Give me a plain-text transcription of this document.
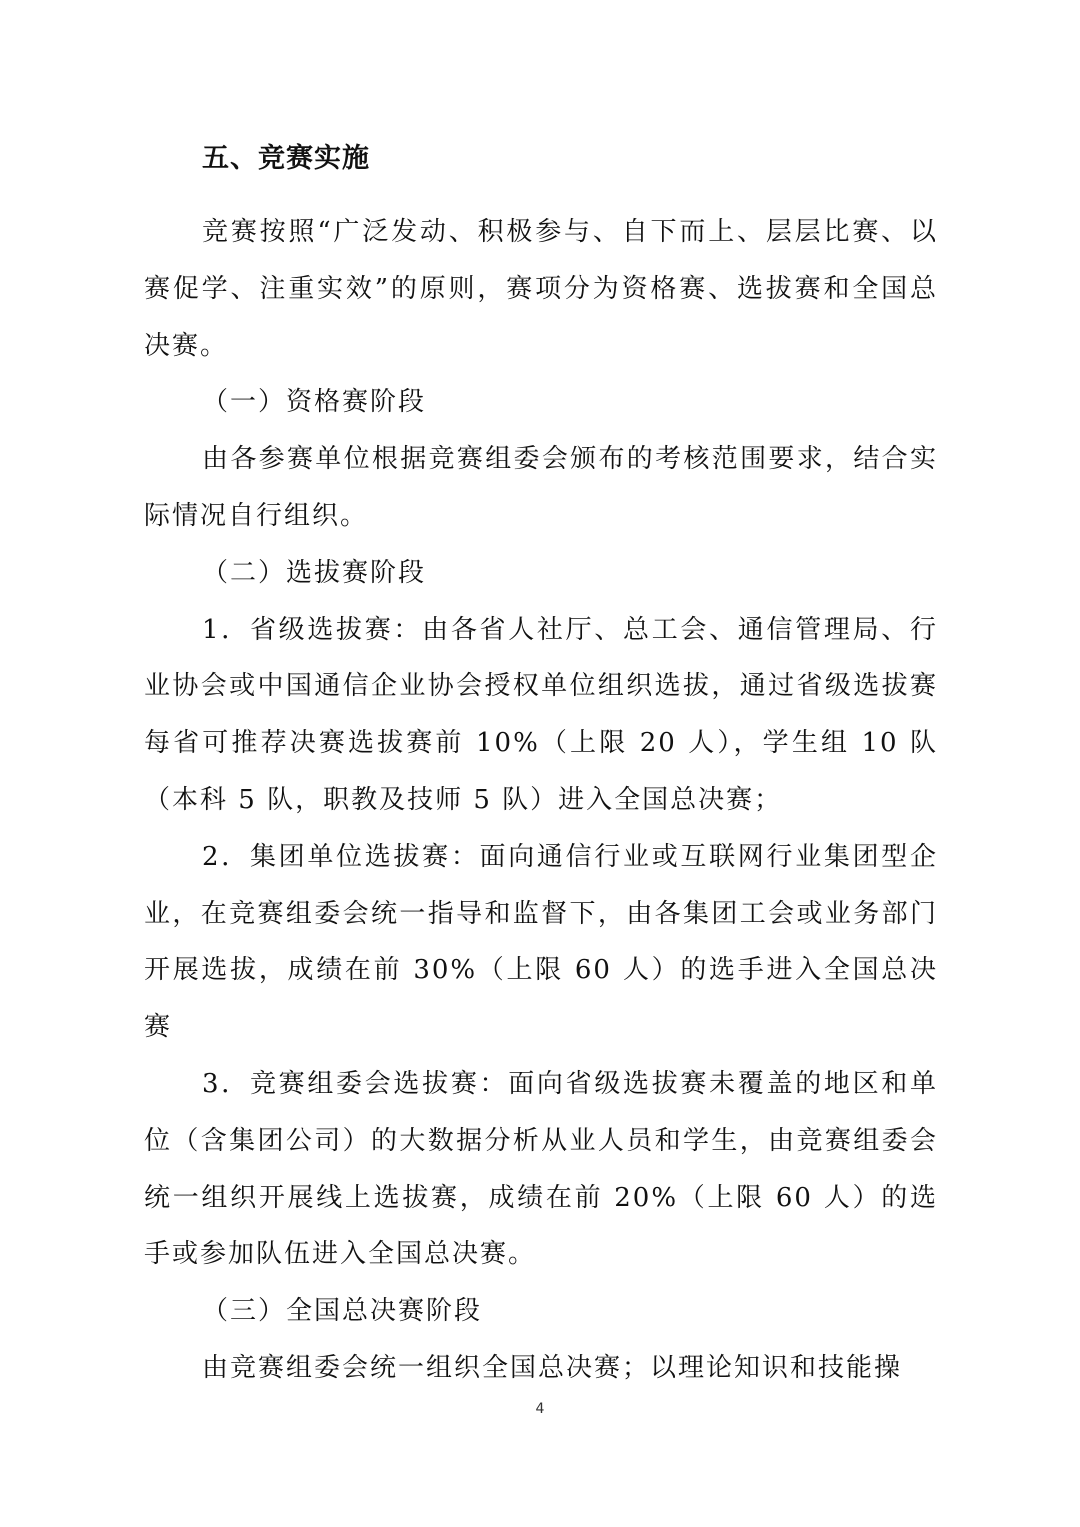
五、竞赛实施

竞赛按照“广泛发动、积极参与、自下而上、层层比赛、以赛促学、注重实效”的原则，赛项分为资格赛、选拔赛和全国总决赛。

（一）资格赛阶段

由各参赛单位根据竞赛组委会颁布的考核范围要求，结合实际情况自行组织。

（二）选拔赛阶段

1．省级选拔赛：由各省人社厅、总工会、通信管理局、行业协会或中国通信企业协会授权单位组织选拔，通过省级选拔赛每省可推荐决赛选拔赛前 10%（上限 20 人），学生组 10 队（本科 5 队，职教及技师 5 队）进入全国总决赛；

2．集团单位选拔赛：面向通信行业或互联网行业集团型企业，在竞赛组委会统一指导和监督下，由各集团工会或业务部门开展选拔，成绩在前 30%（上限 60 人）的选手进入全国总决赛

3．竞赛组委会选拔赛：面向省级选拔赛未覆盖的地区和单位（含集团公司）的大数据分析从业人员和学生，由竞赛组委会统一组织开展线上选拔赛，成绩在前 20%（上限 60 人）的选手或参加队伍进入全国总决赛。

（三）全国总决赛阶段

由竞赛组委会统一组织全国总决赛；以理论知识和技能操

4
